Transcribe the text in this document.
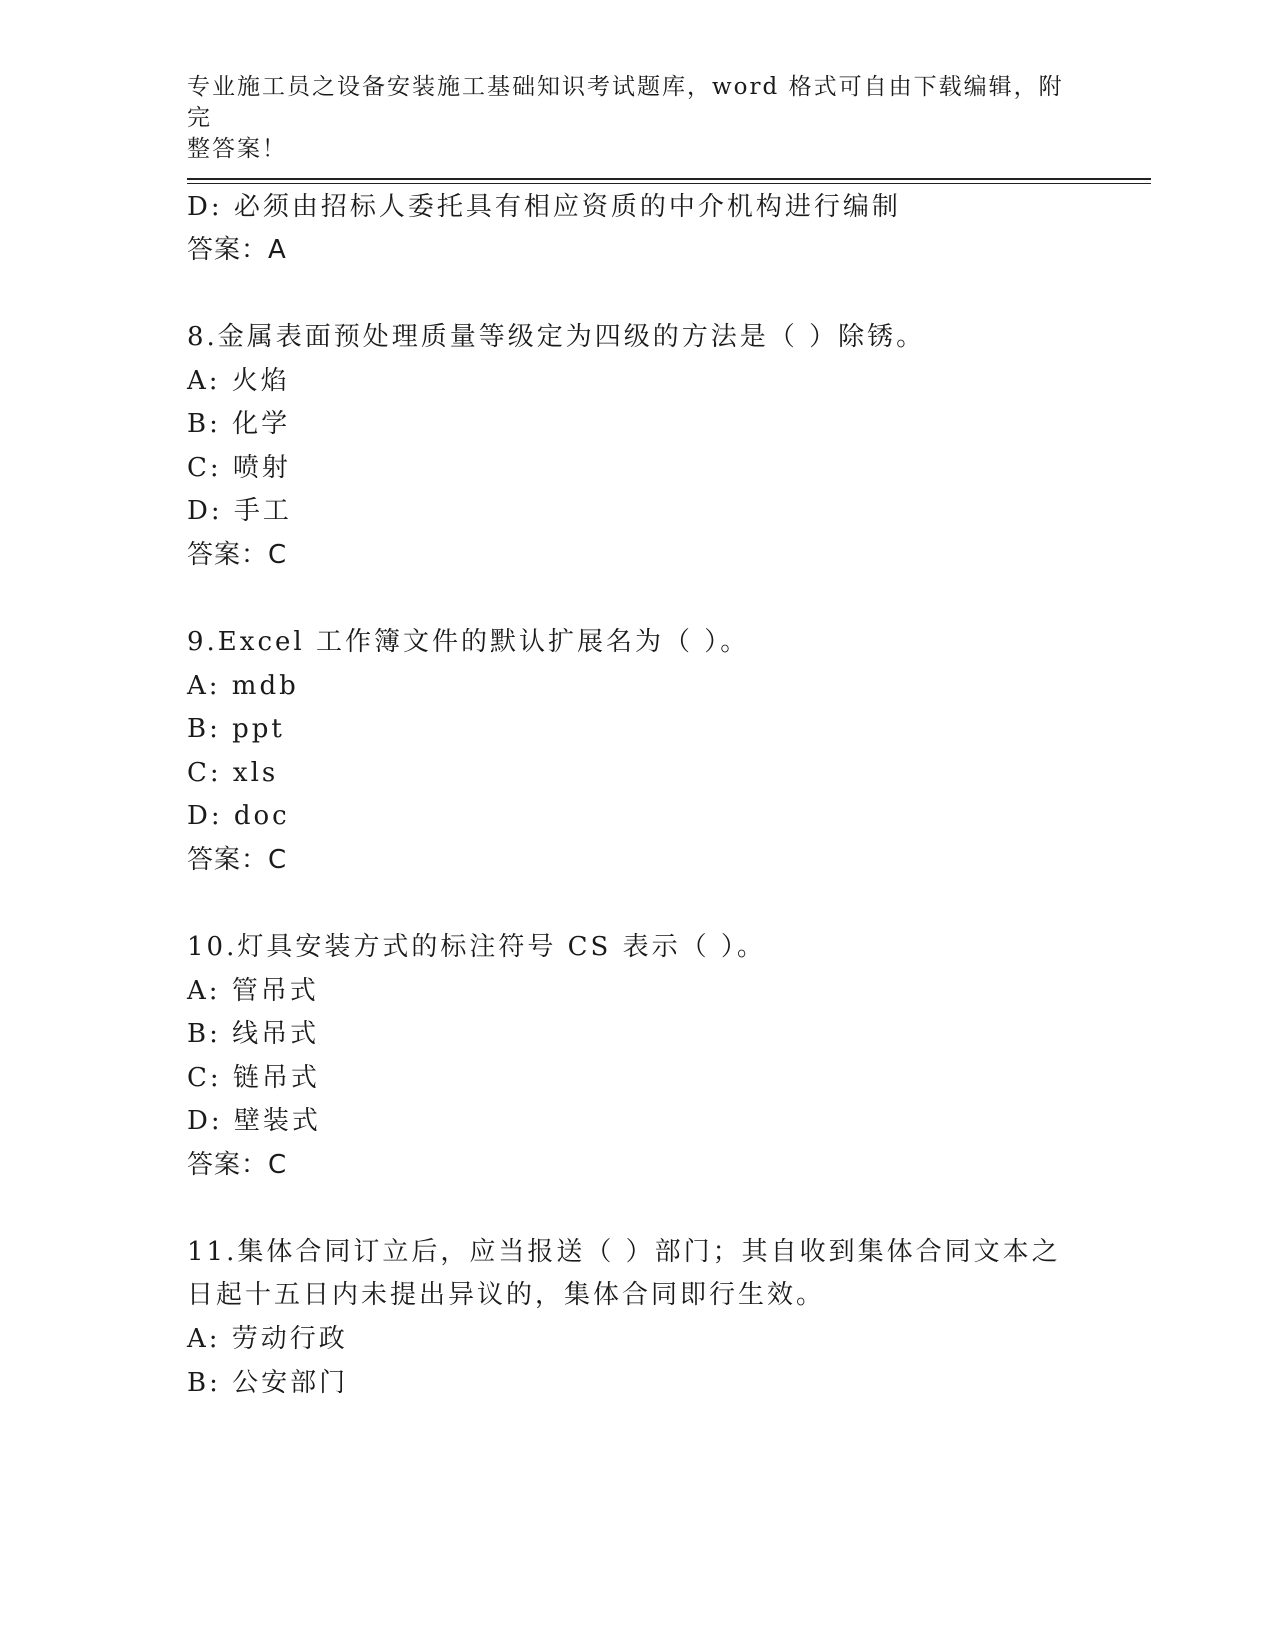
专业施工员之设备安装施工基础知识考试题库，word 格式可自由下载编辑，附完
整答案！
D: 必须由招标人委托具有相应资质的中介机构进行编制
答案：A
8.金属表面预处理质量等级定为四级的方法是（ ）除锈。
A: 火焰
B: 化学
C: 喷射
D: 手工
答案：C
9.Excel 工作簿文件的默认扩展名为（ ）。
A: mdb
B: ppt
C: xls
D: doc
答案：C
10.灯具安装方式的标注符号 CS 表示（ ）。
A: 管吊式
B: 线吊式
C: 链吊式
D: 壁装式
答案：C
11.集体合同订立后，应当报送（ ）部门；其自收到集体合同文本之
日起十五日内未提出异议的，集体合同即行生效。
A: 劳动行政
B: 公安部门
